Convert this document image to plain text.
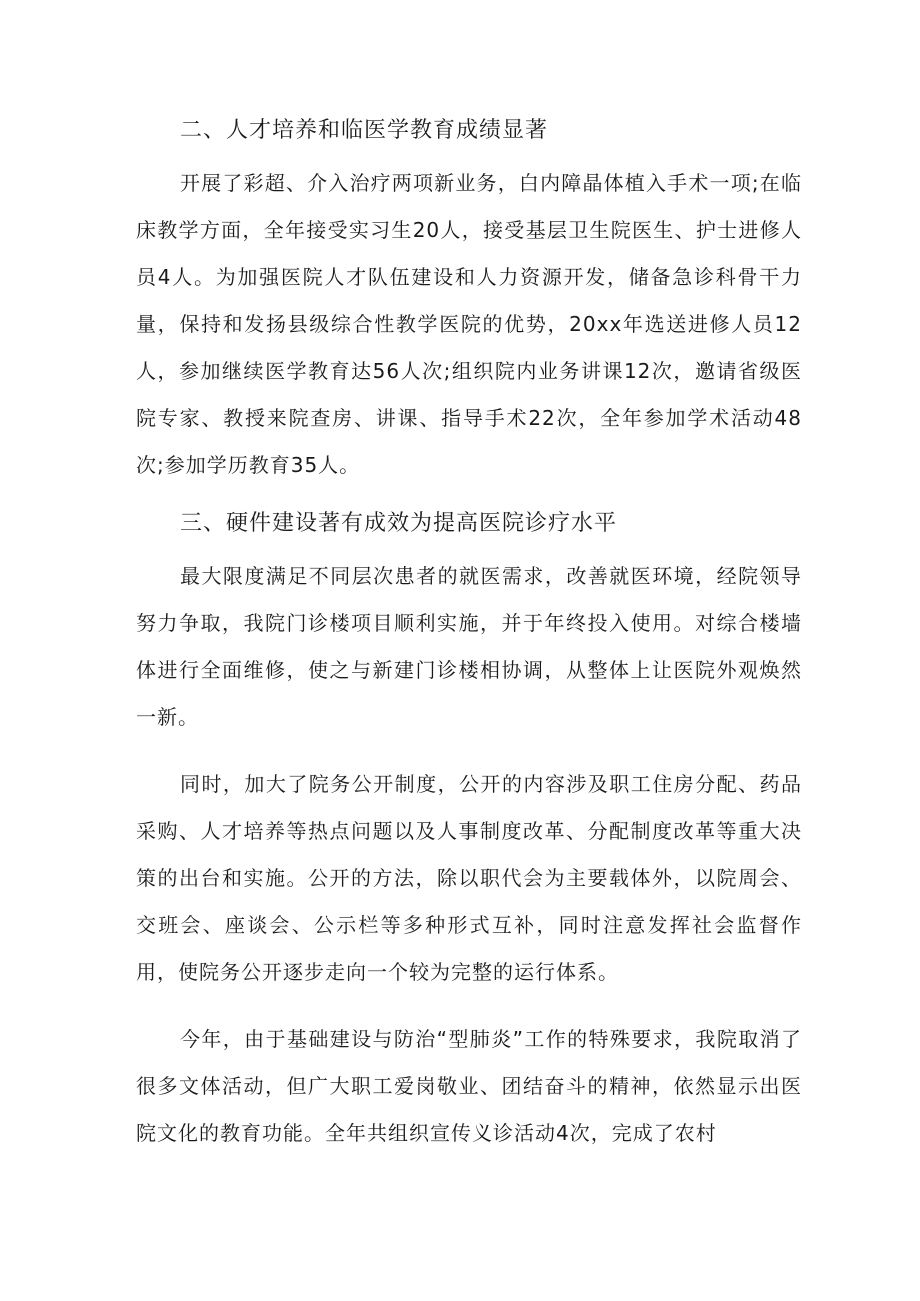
二、人才培养和临医学教育成绩显著

开展了彩超、介入治疗两项新业务，白内障晶体植入手术一项;在临床教学方面，全年接受实习生20人，接受基层卫生院医生、护士进修人员4人。为加强医院人才队伍建设和人力资源开发，储备急诊科骨干力量，保持和发扬县级综合性教学医院的优势，20xx年选送进修人员12人，参加继续医学教育达56人次;组织院内业务讲课12次，邀请省级医院专家、教授来院查房、讲课、指导手术22次，全年参加学术活动48次;参加学历教育35人。

三、硬件建设著有成效为提高医院诊疗水平

最大限度满足不同层次患者的就医需求，改善就医环境，经院领导努力争取，我院门诊楼项目顺利实施，并于年终投入使用。对综合楼墙体进行全面维修，使之与新建门诊楼相协调，从整体上让医院外观焕然一新。

同时，加大了院务公开制度，公开的内容涉及职工住房分配、药品采购、人才培养等热点问题以及人事制度改革、分配制度改革等重大决策的出台和实施。公开的方法，除以职代会为主要载体外，以院周会、交班会、座谈会、公示栏等多种形式互补，同时注意发挥社会监督作用，使院务公开逐步走向一个较为完整的运行体系。

今年，由于基础建设与防治“型肺炎”工作的特殊要求，我院取消了很多文体活动，但广大职工爱岗敬业、团结奋斗的精神，依然显示出医院文化的教育功能。全年共组织宣传义诊活动4次，完成了农村
